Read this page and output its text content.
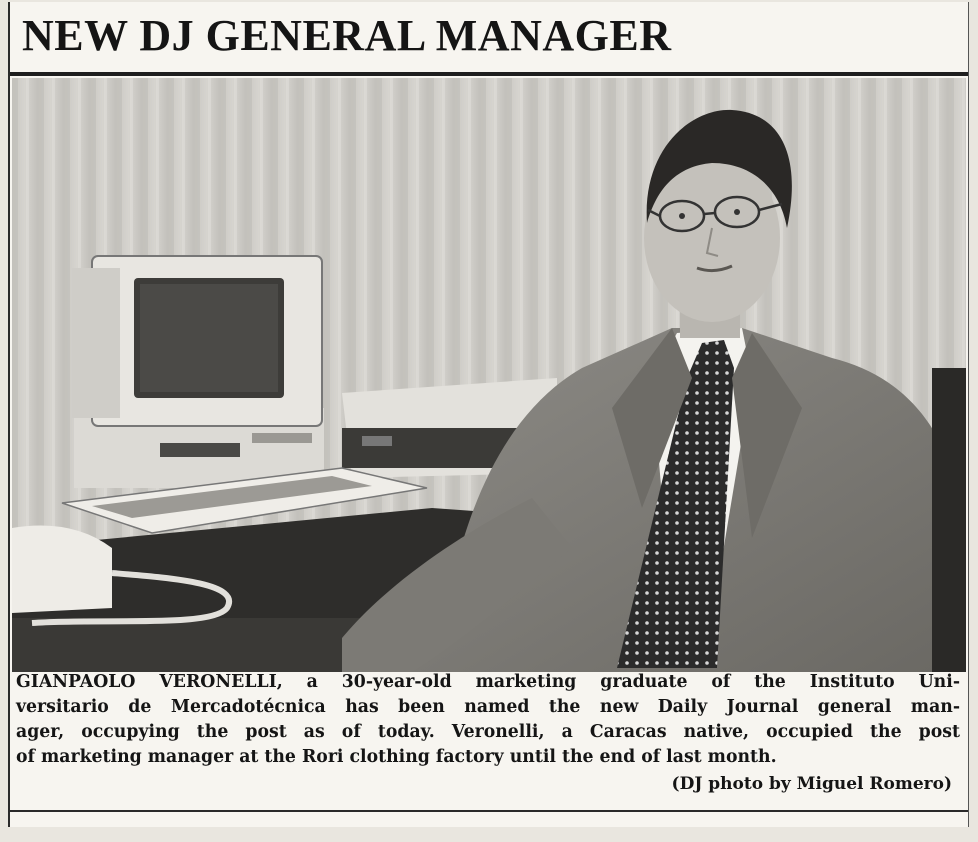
NEW DJ GENERAL MANAGER
GIANPAOLO VERONELLI, a 30-year-old marketing graduate of the Instituto Uni-
versitario de Mercadotécnica has been named the new Daily Journal general man-
ager, occupying the post as of today. Veronelli, a Caracas native, occupied the post
of marketing manager at the Rori clothing factory until the end of last month.
(DJ photo by Miguel Romero)
